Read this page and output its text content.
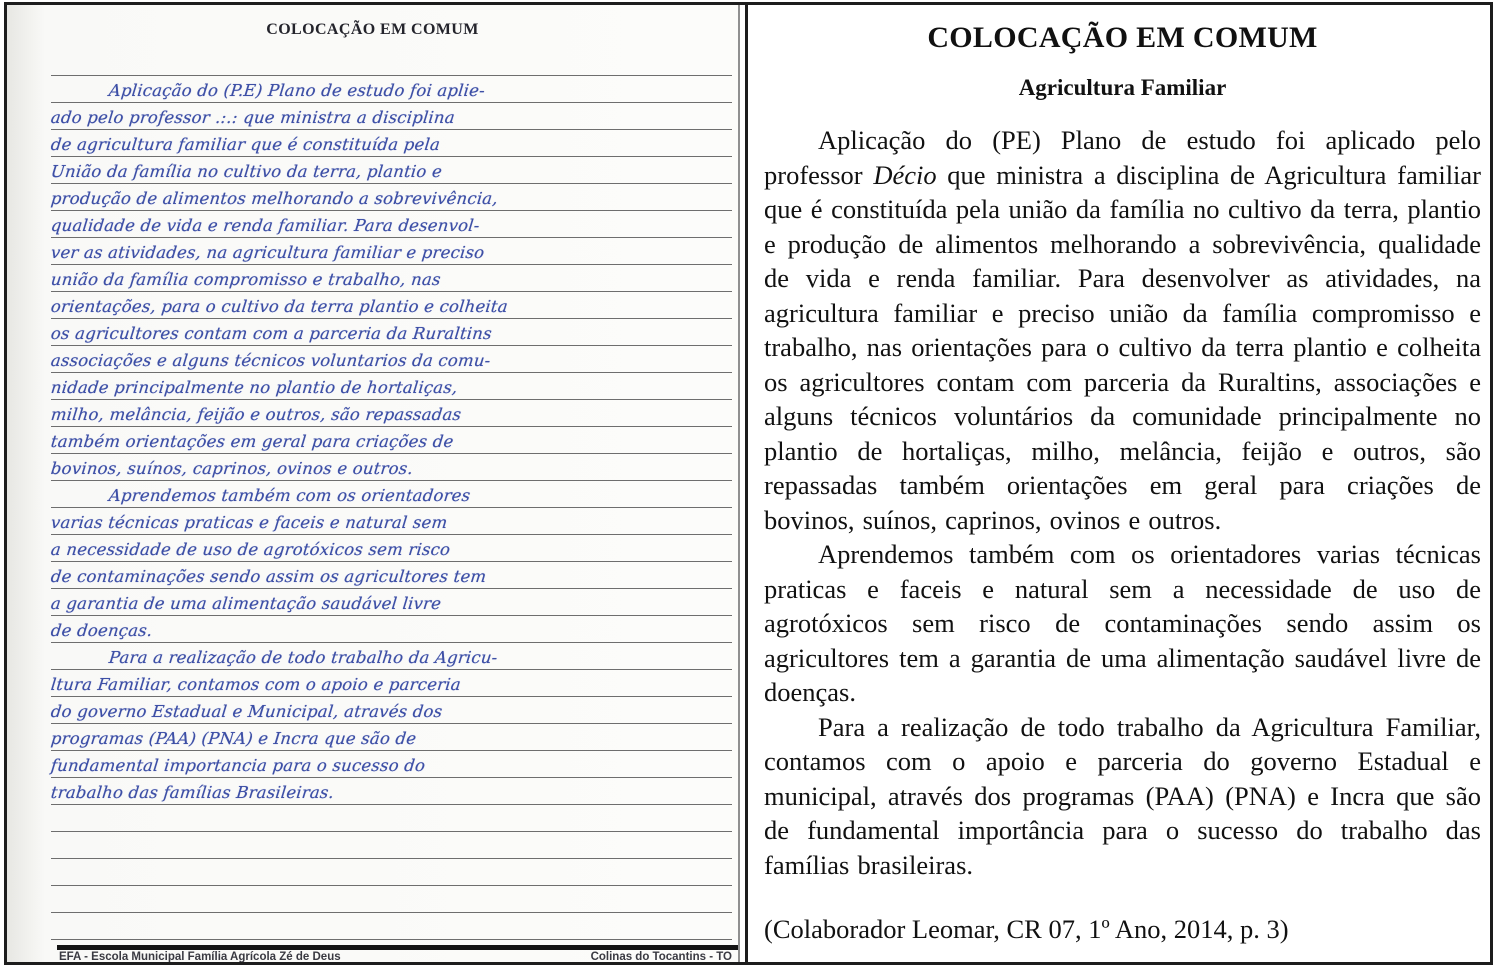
COLOCAÇÃO EM COMUM
Aplicação do (P.E) Plano de estudo foi aplie-
ado pelo professor .:.: que ministra a disciplina
de agricultura familiar que é constituída pela
União da família no cultivo da terra, plantio e
produção de alimentos melhorando a sobrevivência,
qualidade de vida e renda familiar. Para desenvol-
ver as atividades, na agricultura familiar e preciso
união da família compromisso e trabalho, nas
orientações, para o cultivo da terra plantio e colheita
os agricultores contam com a parceria da Ruraltins
associações e alguns técnicos voluntarios da comu-
nidade principalmente no plantio de hortaliças,
milho, melância, feijão e outros, são repassadas
também orientações em geral para criações de
bovinos, suínos, caprinos, ovinos e outros.
Aprendemos também com os orientadores
varias técnicas praticas e faceis e natural sem
a necessidade de uso de agrotóxicos sem risco
de contaminações sendo assim os agricultores tem
a garantia de uma alimentação saudável livre
de doenças.
Para a realização de todo trabalho da Agricu-
ltura Familiar, contamos com o apoio e parceria
do governo Estadual e Municipal, através dos
programas (PAA) (PNA) e Incra que são de
fundamental importancia para o sucesso do
trabalho das famílias Brasileiras.
EFA - Escola Municipal Família Agrícola Zé de Deus	Colinas do Tocantins - TO
COLOCAÇÃO EM COMUM
Agricultura Familiar

Aplicação do (PE) Plano de estudo foi aplicado pelo professor Décio que ministra a disciplina de Agricultura familiar que é constituída pela união da família no cultivo da terra, plantio e produção de alimentos melhorando a sobrevivência, qualidade de vida e renda familiar. Para desenvolver as atividades, na agricultura familiar e preciso união da família compromisso e trabalho, nas orientações para o cultivo da terra plantio e colheita os agricultores contam com parceria da Ruraltins, associações e alguns técnicos voluntários da comunidade principalmente no plantio de hortaliças, milho, melância, feijão e outros, são repassadas também orientações em geral para criações de bovinos, suínos, caprinos, ovinos e outros.

Aprendemos também com os orientadores varias técnicas praticas e faceis e natural sem a necessidade de uso de agrotóxicos sem risco de contaminações sendo assim os agricultores tem a garantia de uma alimentação saudável livre de doenças.

Para a realização de todo trabalho da Agricultura Familiar, contamos com o apoio e parceria do governo Estadual e municipal, através dos programas (PAA) (PNA) e Incra que são de fundamental importância para o sucesso do trabalho das famílias brasileiras.

(Colaborador Leomar, CR 07, 1º Ano, 2014, p. 3)
